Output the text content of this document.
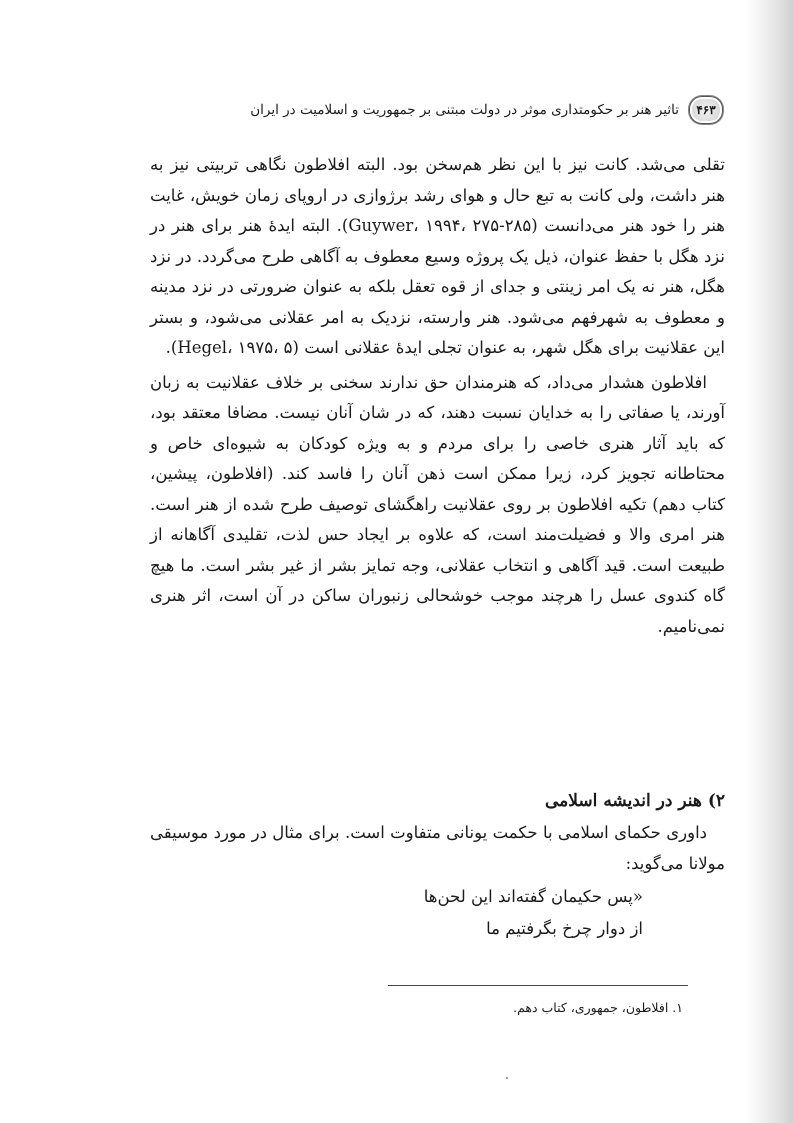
۴۶۳
تاثیر هنر بر حکومتداری موثر در دولت مبتنی بر جمهوریت و اسلامیت در ایران

تقلی می‌شد. کانت نیز با این نظر هم‌سخن بود. البته افلاطون نگاهی تربیتی نیز به هنر داشت، ولی کانت به تبع حال و هوای رشد برژوازی در اروپای زمان خویش، غایت هنر را خود هنر می‌دانست (Guywer، ۱۹۹۴، ۲۷۵-۲۸۵). البته ایدهٔ هنر برای هنر در نزد هگل با حفظ عنوان، ذیل یک پروژه وسیع معطوف به آگاهی طرح می‌گردد. در نزد هگل، هنر نه یک امر زینتی و جدای از قوه تعقل بلکه به عنوان ضرورتی در نزد مدینه و معطوف به شهرفهم می‌شود. هنر وارسته، نزدیک به امر عقلانی می‌شود، و بستر این عقلانیت برای هگل شهر، به عنوان تجلی ایدهٔ عقلانی است (Hegel، ۱۹۷۵، ۵).

افلاطون هشدار می‌داد، که هنرمندان حق ندارند سخنی بر خلاف عقلانیت به زبان آورند، یا صفاتی را به خدایان نسبت دهند، که در شان آنان نیست. مضافا معتقد بود، که باید آثار هنری خاصی را برای مردم و به ویژه کودکان به شیوه‌ای خاص و محتاطانه تجویز کرد، زیرا ممکن است ذهن آنان را فاسد کند. (افلاطون، پیشین، کتاب دهم) تکیه افلاطون بر روی عقلانیت راهگشای توصیف طرح شده از هنر است. هنر امری والا و فضیلت‌مند است، که علاوه بر ایجاد حس لذت، تقلیدی آگاهانه از طبیعت است. قید آگاهی و انتخاب عقلانی، وجه تمایز بشر از غیر بشر است. ما هیچ گاه کندوی عسل را هرچند موجب خوشحالی زنبوران ساکن در آن است، اثر هنری نمی‌نامیم.

۲)هنر در اندیشه اسلامی
داوری حکمای اسلامی با حکمت یونانی متفاوت است. برای مثال در مورد موسیقی مولانا می‌گوید:
«پس حکیمان گفته‌اند این لحن‌ها
از دوار چرخ بگرفتیم ما
۱. افلاطون، جمهوری، کتاب دهم.
